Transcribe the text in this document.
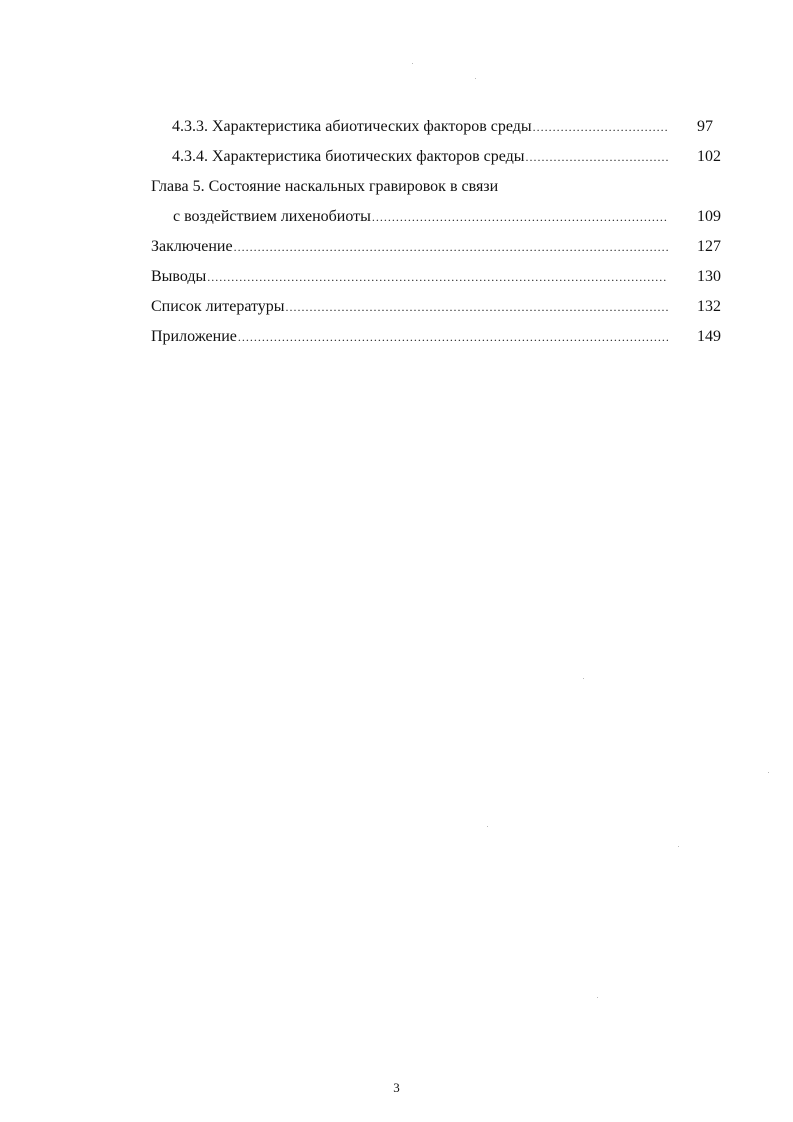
4.3.3. Характеристика абиотических факторов среды .....	97
4.3.4. Характеристика биотических факторов среды .....	102
Глава 5. Состояние наскальных гравировок в связи
с воздействием лихенобиоты .....	109
Заключение .....	127
Выводы .....	130
Список литературы .....	132
Приложение .....	149
3
